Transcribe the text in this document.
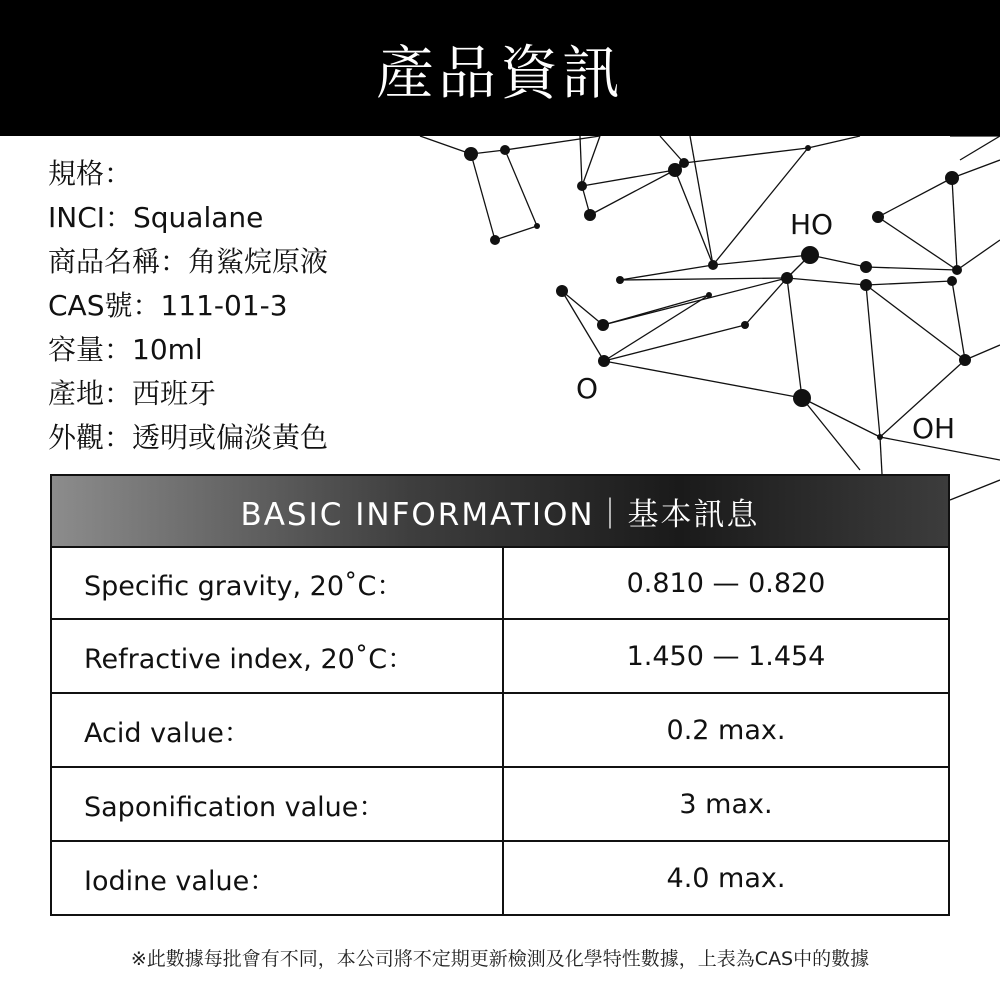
HO
O
OH
產品資訊
規格：
INCI：Squalane
商品名稱：角鯊烷原液
CAS號：111-01-3
容量：10ml
產地：西班牙
外觀：透明或偏淡黃色
BASIC INFORMATION｜基本訊息
Specific gravity, 20˚C：	0.810 — 0.820
Refractive index, 20˚C：	1.450 — 1.454
Acid value：	0.2 max.
Saponification value：	3 max.
Iodine value：	4.0 max.
※此數據每批會有不同，本公司將不定期更新檢測及化學特性數據，上表為CAS中的數據
